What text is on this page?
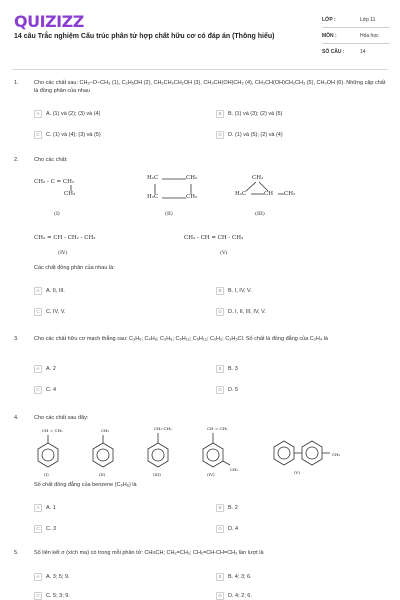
QUIZIZZ
14 câu Trắc nghiệm Cấu trúc phân tử hợp chất hữu cơ có đáp án (Thông hiểu)
LỚP :	Lớp 11
MÔN :	Hóa học
SỐ CÂU :	14
1.	Cho các chất sau: CH₃–O–CH₃ (1), C₂H₅OH (2), CH₃CH₂CH₂OH (3), CH₃CH(OH)CH₃ (4), CH₃CH(OH)CH₂CH₃ (5), CH₃OH (6). Những cặp chất là đồng phân của nhau
A	A. (1) và (2); (3) và (4)	B	B. (1) và (3); (2) và (5)
C	C. (1) và (4); (3) và (5)	D	D. (1) và (5); (2) và (4)
2.	Cho các chất:
CH₃ - C = CH₂
CH₃
(I)
H₂C	CH₂
H₂C	CH₂
(II)
CH₂
H₂C	CH CH₃
(III)
CH₂ = CH - CH₂ - CH₃
(IV)
CH₃ - CH = CH - CH₃
(V)
Các chất đồng phân của nhau là:
A	A. II, III.	B	B. I, IV, V.
C	C. IV, V.	D	D. I, II, III, IV, V.
3.	Cho các chất hữu cơ mạch thẳng sau: C₃H₆; C₄H₈; C₃H₈; C₆H₁₂; C₅H₁₂; C₂H₂; C₃H₅Cl. Số chất là đồng đẳng của C₂H₄ là
A	A. 2	B	B. 3
C	C. 4	D	D. 5
4.	Cho các chất sau đây:
CH = CH₂	CH₃	CH₂-CH₃	CH = CH₂
CH₃
CH₃
(I)	(II)	(III)	(IV)	(V)
Số chất đồng đẳng của benzene (C₆H₆) là
A	A. 1	B	B. 2
C	C. 3	D	D. 4
5.	Số liên kết σ (xích ma) có trong mỗi phân tử: CH≡CH; CH₂=CH₂; CH₂=CH-CH=CH₂ lần lượt là
A	A. 3; 5; 9.	B	B. 4; 3; 6.
C	C. 5; 3; 9.	D	D. 4; 2; 6.
